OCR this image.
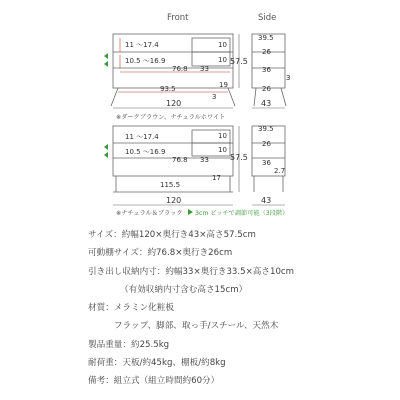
Front	Side
11 ～17.4
10.5 ～16.9
76.8 33
10
10
19
93.5
3
57.5
120
39.5
26
36
26
3
43
※ダークブラウン、ナチュラルホワイト
11 ～17.4
10.5 ～16.9
76.8 33
10
10
17
115.5
57.5
120
39.5
26
36
2.7
43
※ナチュラル＆ブラック 3cm ピッチで調節可能（3段階）
サイズ：約幅120×奥行き43×高さ57.5cm
可動棚サイズ：約76.8×奥行き26cm
引き出し収納内寸：約幅33×奥行き33.5×高さ10cm
（有効収納内寸含む高さ15cm）
材質：メラミン化粧板
フラップ、脚部、取っ手/スチール、天然木
製品重量：約25.5kg
耐荷重：天板/約45kg、棚板/約8kg
備考：組立式（組立時間約60分）
